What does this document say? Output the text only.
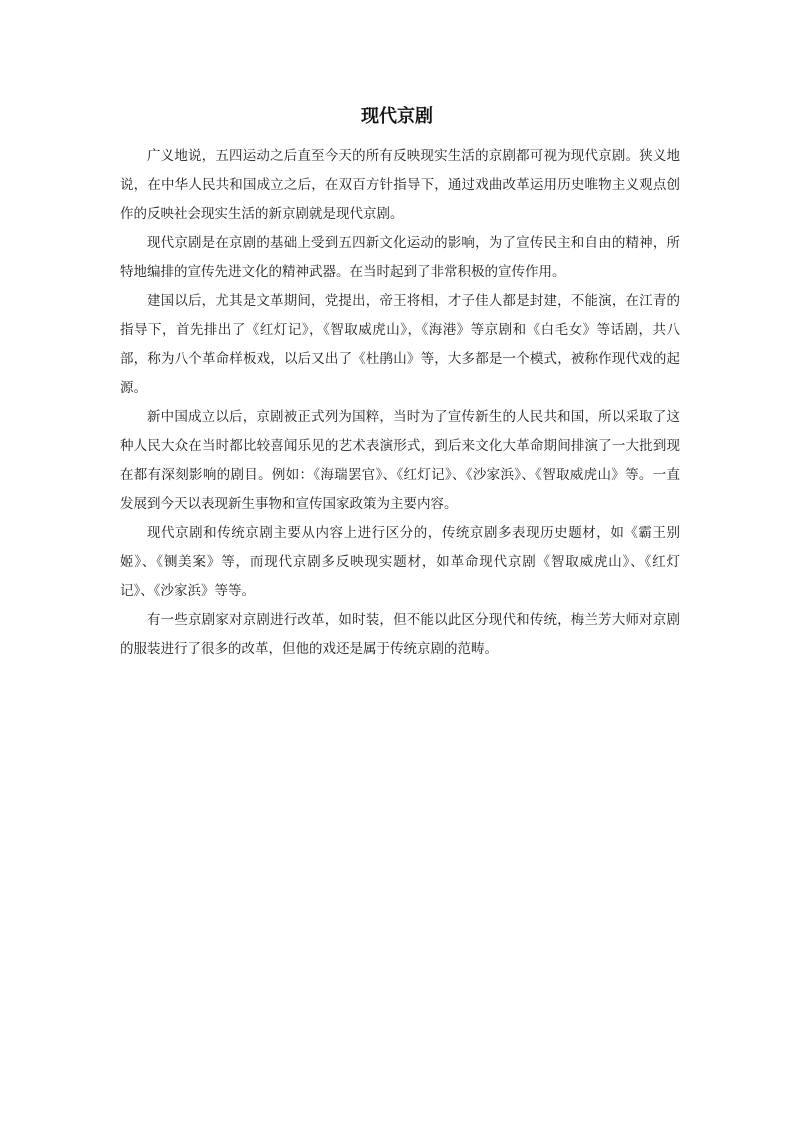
现代京剧

广义地说，五四运动之后直至今天的所有反映现实生活的京剧都可视为现代京剧。狭义地说，在中华人民共和国成立之后，在双百方针指导下，通过戏曲改革运用历史唯物主义观点创作的反映社会现实生活的新京剧就是现代京剧。

现代京剧是在京剧的基础上受到五四新文化运动的影响，为了宣传民主和自由的精神，所特地编排的宣传先进文化的精神武器。在当时起到了非常积极的宣传作用。

建国以后，尤其是文革期间，党提出，帝王将相，才子佳人都是封建，不能演，在江青的指导下，首先排出了《红灯记》，《智取威虎山》，《海港》等京剧和《白毛女》等话剧，共八部，称为八个革命样板戏，以后又出了《杜鹃山》等，大多都是一个模式，被称作现代戏的起源。

新中国成立以后，京剧被正式列为国粹，当时为了宣传新生的人民共和国，所以采取了这种人民大众在当时都比较喜闻乐见的艺术表演形式，到后来文化大革命期间排演了一大批到现在都有深刻影响的剧目。例如：《海瑞罢官》、《红灯记》、《沙家浜》、《智取威虎山》等。一直发展到今天以表现新生事物和宣传国家政策为主要内容。

现代京剧和传统京剧主要从内容上进行区分的，传统京剧多表现历史题材，如《霸王别姬》、《铡美案》等，而现代京剧多反映现实题材，如革命现代京剧《智取威虎山》、《红灯记》、《沙家浜》等等。

有一些京剧家对京剧进行改革，如时装，但不能以此区分现代和传统，梅兰芳大师对京剧的服装进行了很多的改革，但他的戏还是属于传统京剧的范畴。
